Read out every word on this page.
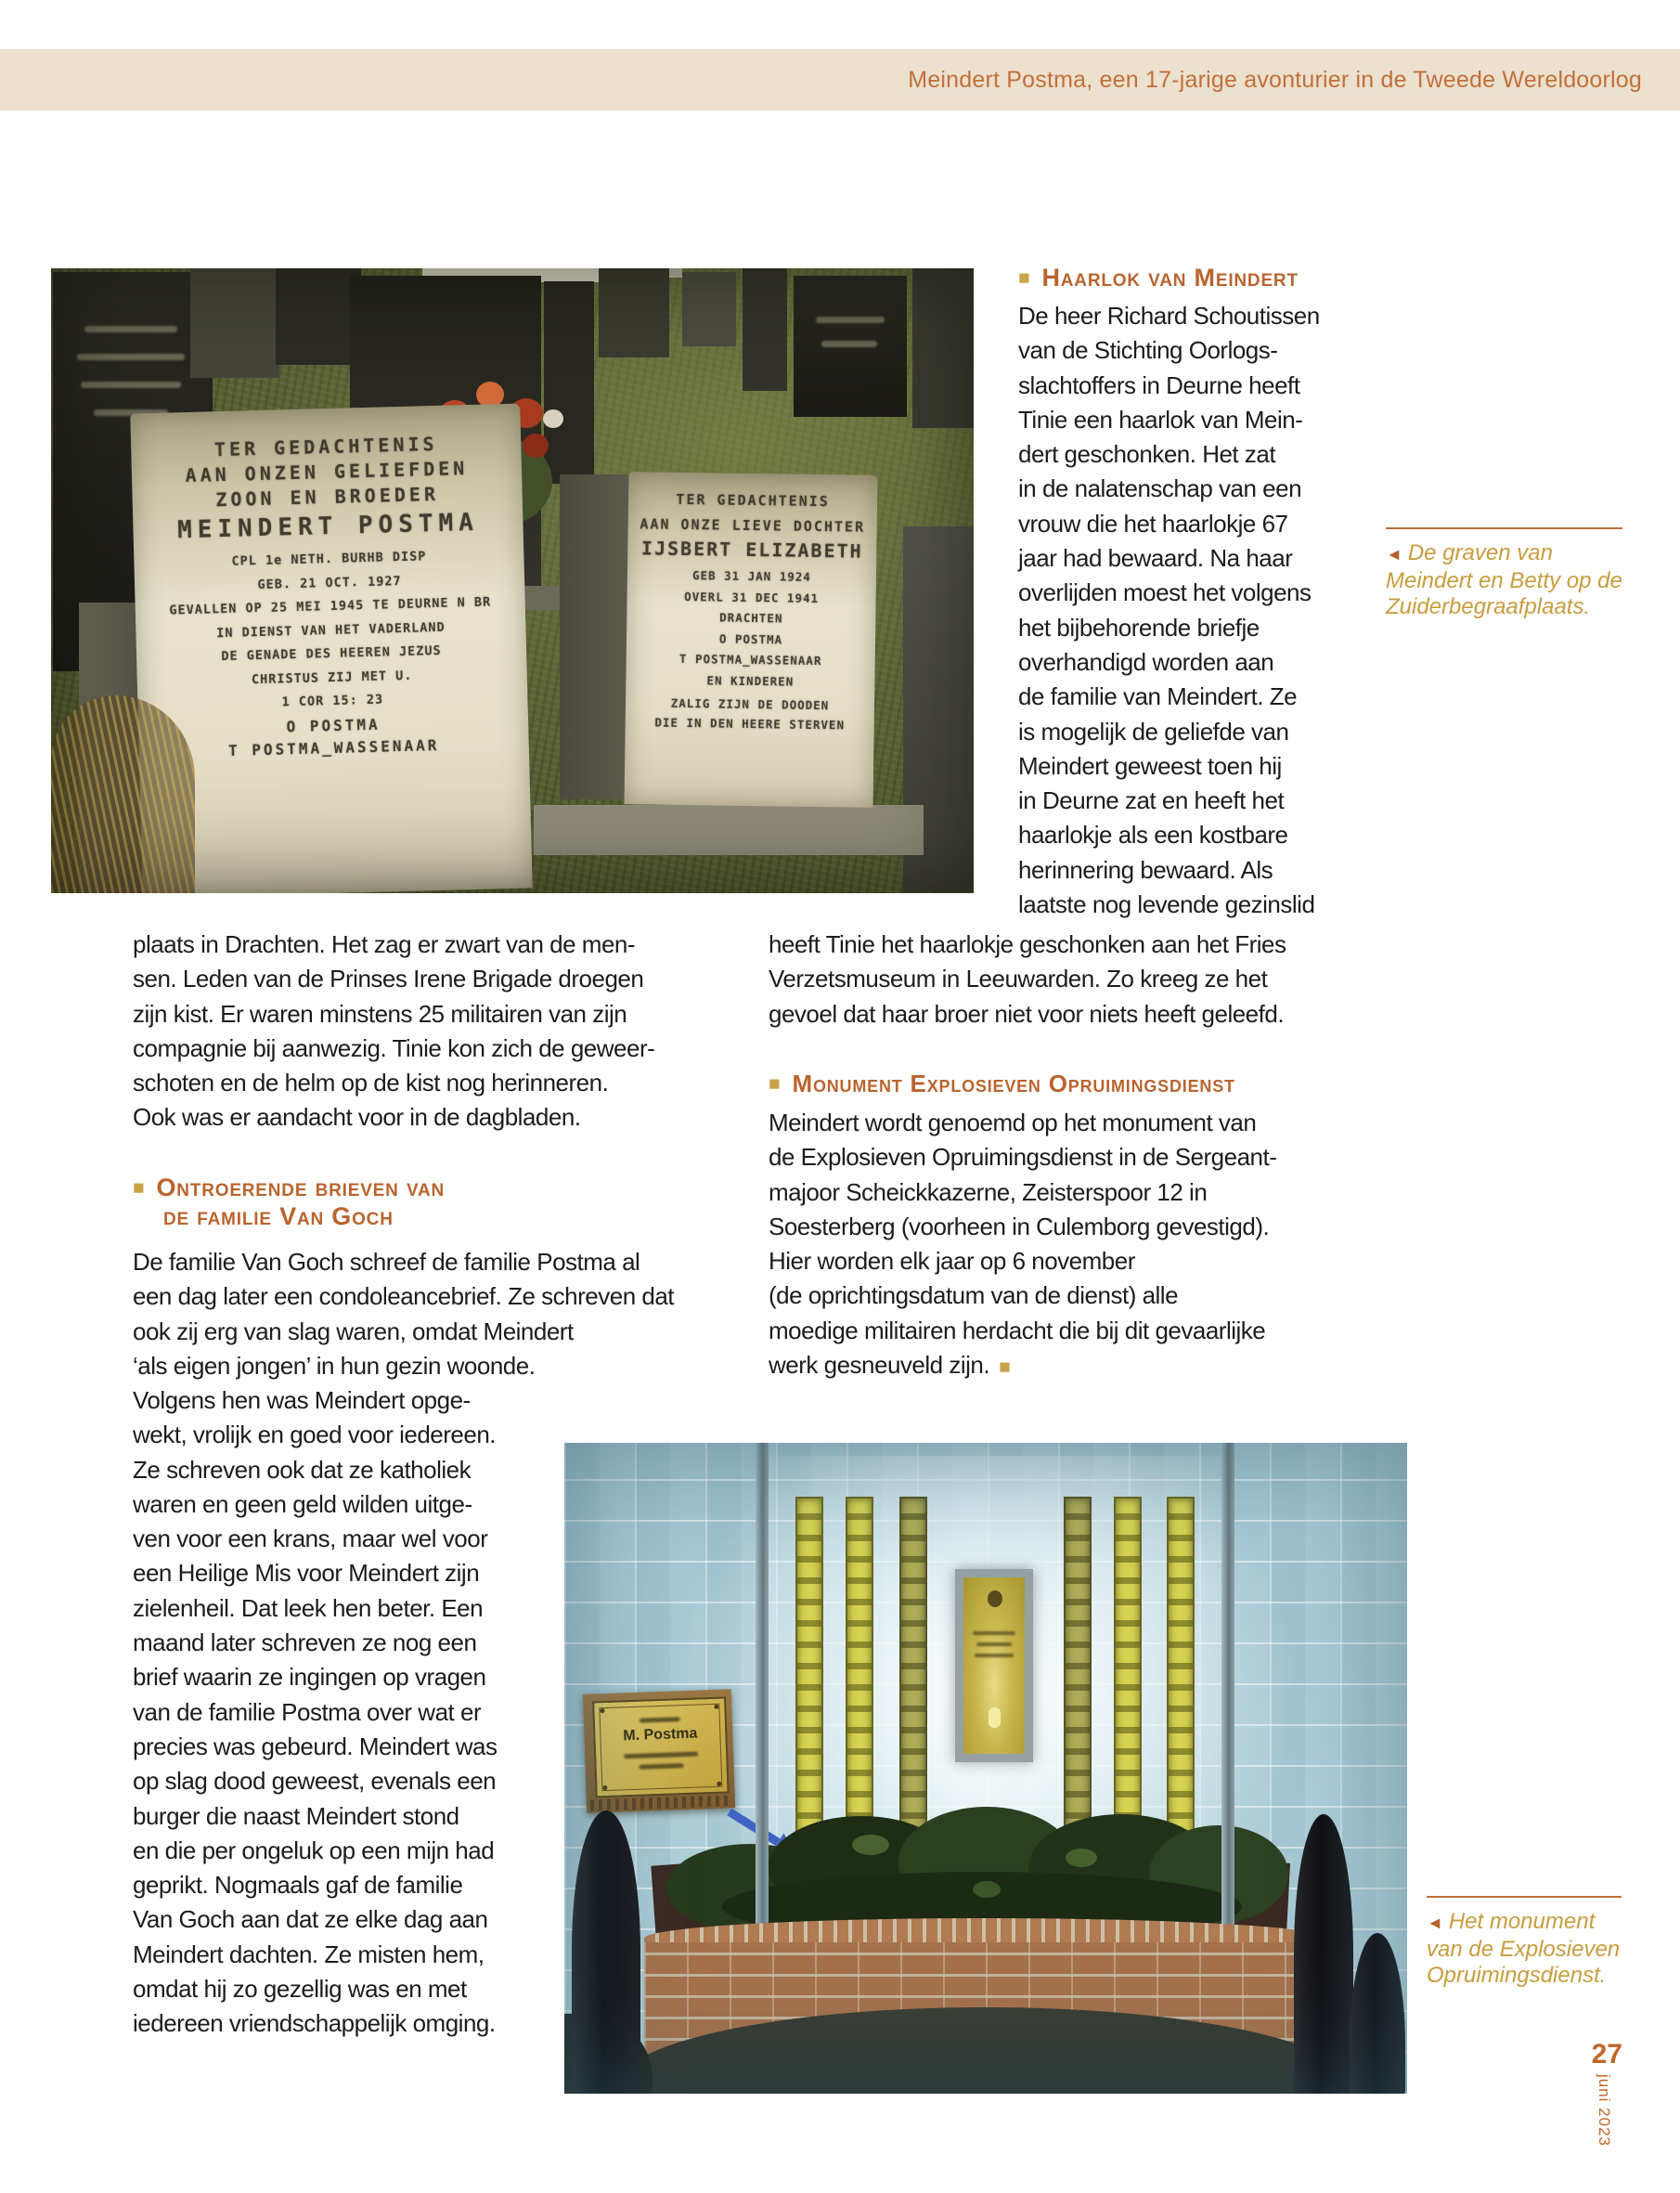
Meindert Postma, een 17-jarige avonturier in de Tweede Wereldoorlog
TER GEDACHTENIS
AAN ONZEN GELIEFDEN
ZOON EN BROEDER
MEINDERT POSTMA
CPL 1e NETH. BURHB DISP
GEB. 21 OCT. 1927
GEVALLEN OP 25 MEI 1945 TE DEURNE N BR
IN DIENST VAN HET VADERLAND
DE GENADE DES HEEREN JEZUS
CHRISTUS ZIJ MET U.
1 COR 15: 23
O POSTMA
T POSTMA_WASSENAAR
TER GEDACHTENIS
AAN ONZE LIEVE DOCHTER
IJSBERT ELIZABETH
GEB 31 JAN 1924
OVERL 31 DEC 1941
DRACHTEN
O POSTMA
T POSTMA_WASSENAAR
EN KINDEREN
ZALIG ZIJN DE DOODEN
DIE IN DEN HEERE STERVEN
■ Haarlok van Meindert
De heer Richard Schoutissen
van de Stichting Oorlogs-
slachtoffers in Deurne heeft
Tinie een haarlok van Mein-
dert geschonken. Het zat
in de nalatenschap van een
vrouw die het haarlokje 67
jaar had bewaard. Na haar
overlijden moest het volgens
het bijbehorende briefje
overhandigd worden aan
de familie van Meindert. Ze
is mogelijk de geliefde van
Meindert geweest toen hij
in Deurne zat en heeft het
haarlokje als een kostbare
herinnering bewaard. Als
laatste nog levende gezinslid
◄ De graven van
Meindert en Betty op de
Zuiderbegraafplaats.
plaats in Drachten. Het zag er zwart van de men-
sen. Leden van de Prinses Irene Brigade droegen
zijn kist. Er waren minstens 25 militairen van zijn
compagnie bij aanwezig. Tinie kon zich de geweer-
schoten en de helm op de kist nog herinneren.
Ook was er aandacht voor in de dagbladen.
■ Ontroerende brieven van
de familie Van Goch
De familie Van Goch schreef de familie Postma al
een dag later een condoleancebrief. Ze schreven dat
ook zij erg van slag waren, omdat Meindert
‘als eigen jongen’ in hun gezin woonde.
Volgens hen was Meindert opge-
wekt, vrolijk en goed voor iedereen.
Ze schreven ook dat ze katholiek
waren en geen geld wilden uitge-
ven voor een krans, maar wel voor
een Heilige Mis voor Meindert zijn
zielenheil. Dat leek hen beter. Een
maand later schreven ze nog een
brief waarin ze ingingen op vragen
van de familie Postma over wat er
precies was gebeurd. Meindert was
op slag dood geweest, evenals een
burger die naast Meindert stond
en die per ongeluk op een mijn had
geprikt. Nogmaals gaf de familie
Van Goch aan dat ze elke dag aan
Meindert dachten. Ze misten hem,
omdat hij zo gezellig was en met
iedereen vriendschappelijk omging.
heeft Tinie het haarlokje geschonken aan het Fries
Verzetsmuseum in Leeuwarden. Zo kreeg ze het
gevoel dat haar broer niet voor niets heeft geleefd.
■ Monument Explosieven Opruimingsdienst
Meindert wordt genoemd op het monument van
de Explosieven Opruimingsdienst in de Sergeant-
majoor Scheickkazerne, Zeisterspoor 12 in
Soesterberg (voorheen in Culemborg gevestigd).
Hier worden elk jaar op 6 november
(de oprichtingsdatum van de dienst) alle
moedige militairen herdacht die bij dit gevaarlijke
werk gesneuveld zijn. ■
M. Postma
◄ Het monument
van de Explosieven
Opruimingsdienst.
27
juni 2023
